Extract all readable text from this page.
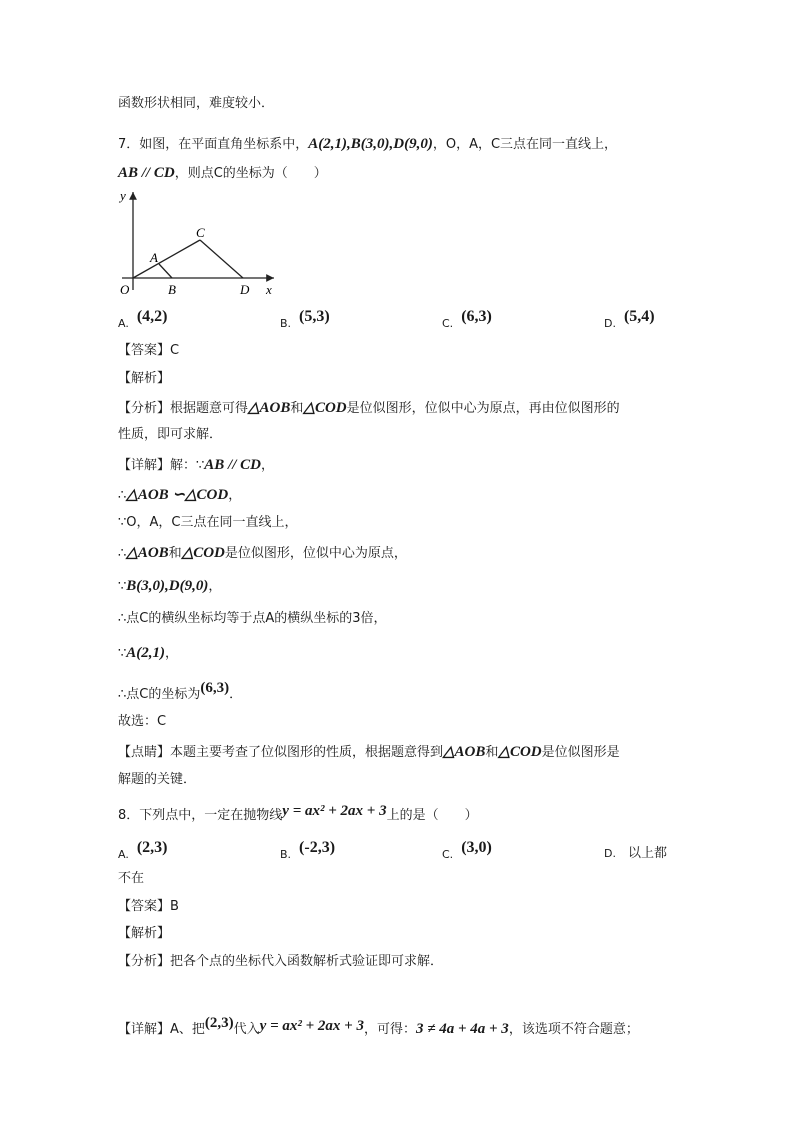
函数形状相同，难度较小．
7．如图，在平面直角坐标系中，A(2,1),B(3,0),D(9,0)，O，A，C三点在同一直线上，
AB // CD，则点C的坐标为（　　）
y
C
A
O	B	D x
A. (4,2)	B. (5,3)	C. (6,3)	D. (5,4)
【答案】C
【解析】
【分析】根据题意可得△AOB和△COD是位似图形，位似中心为原点，再由位似图形的
性质，即可求解．
【详解】解：∵AB // CD，
∴△AOB ∽△COD，
∵O，A，C三点在同一直线上，
∴△AOB和△COD是位似图形，位似中心为原点，
∵B(3,0),D(9,0)，
∴点C的横纵坐标均等于点A的横纵坐标的3倍，
∵A(2,1)，
∴点C的坐标为(6,3)．
故选：C
【点睛】本题主要考查了位似图形的性质，根据题意得到△AOB和△COD是位似图形是
解题的关键．
8．下列点中，一定在抛物线y = ax² + 2ax + 3上的是（　　）
A. (2,3)	B. (-2,3)	C. (3,0)	D. 以上都
不在
【答案】B
【解析】
【分析】把各个点的坐标代入函数解析式验证即可求解．
【详解】A、把(2,3)代入y = ax² + 2ax + 3，可得：3 ≠ 4a + 4a + 3，该选项不符合题意；
